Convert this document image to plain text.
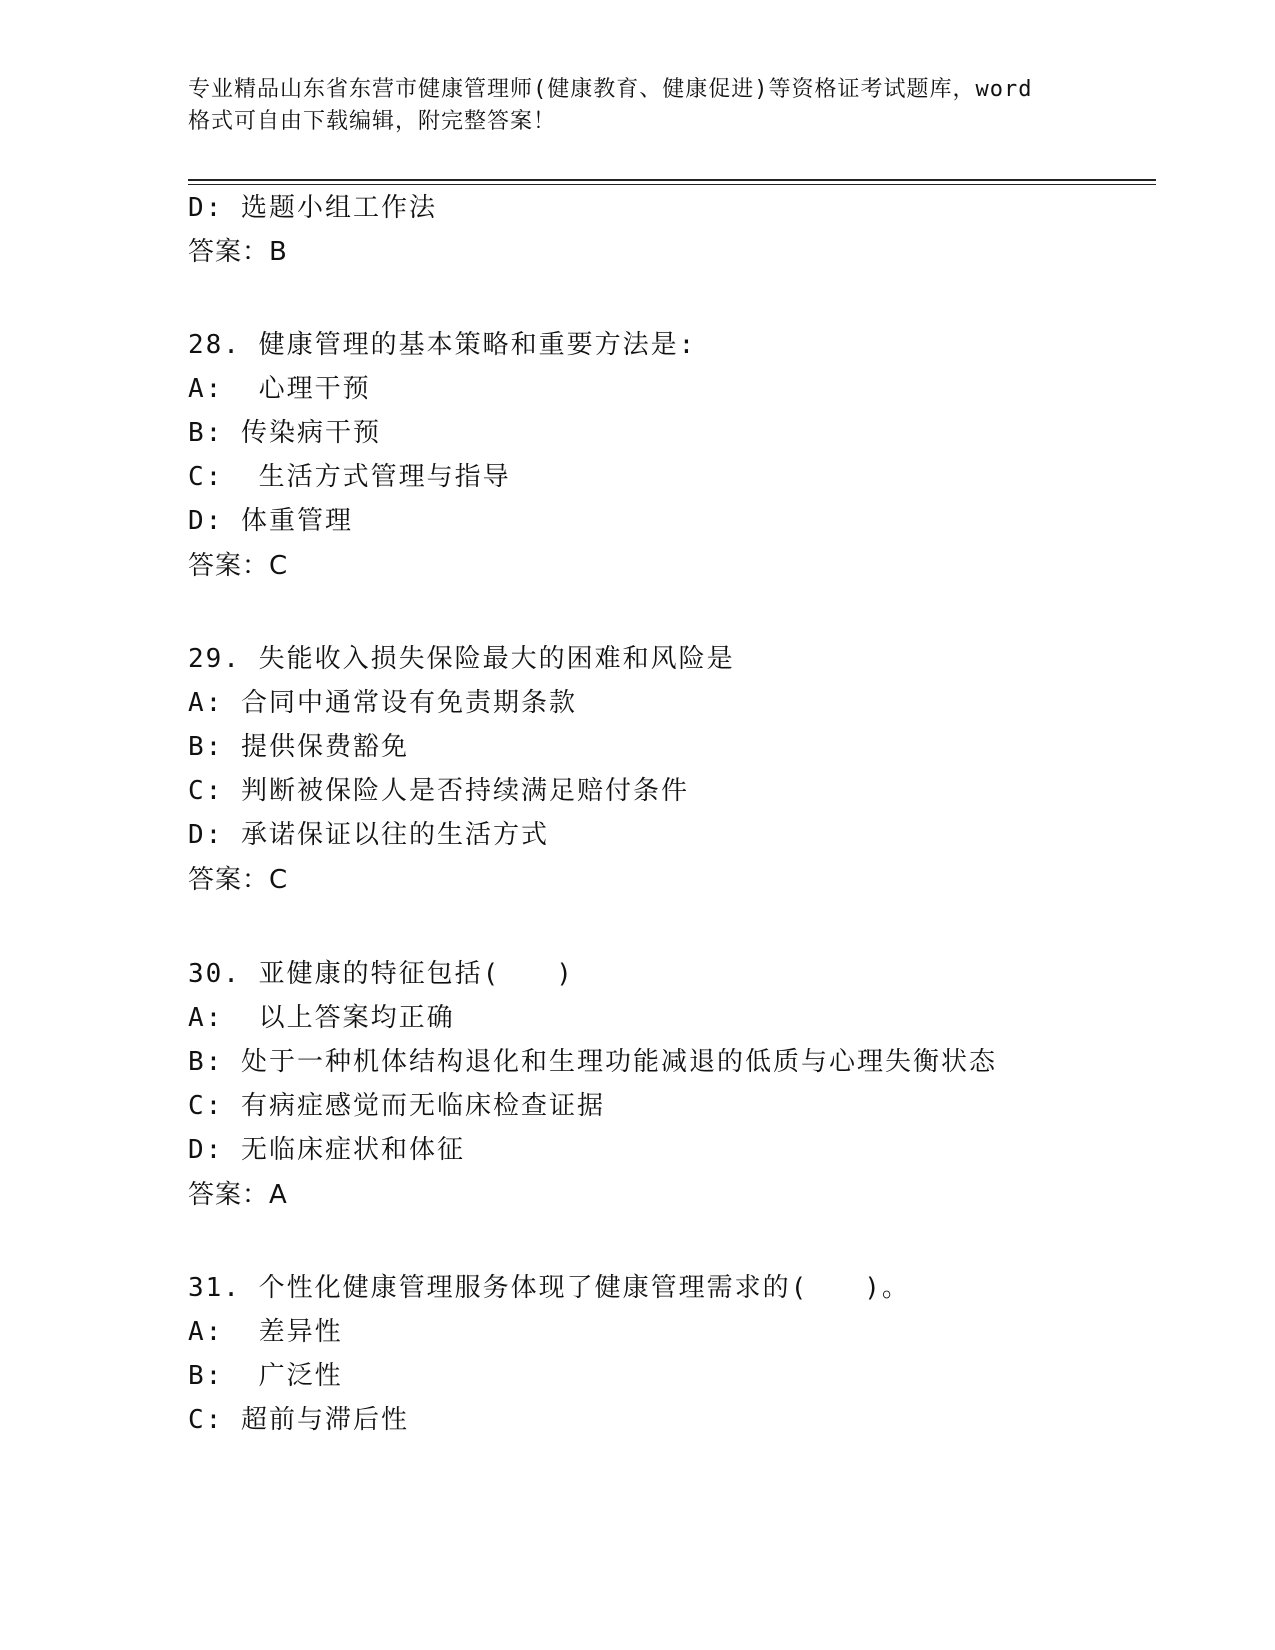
专业精品山东省东营市健康管理师(健康教育、健康促进)等资格证考试题库，word
格式可自由下载编辑，附完整答案！
D: 选题小组工作法
答案：B
28. 健康管理的基本策略和重要方法是:
A:  心理干预
B: 传染病干预
C:  生活方式管理与指导
D: 体重管理
答案：C
29. 失能收入损失保险最大的困难和风险是
A: 合同中通常设有免责期条款
B: 提供保费豁免
C: 判断被保险人是否持续满足赔付条件
D: 承诺保证以往的生活方式
答案：C
30. 亚健康的特征包括(　　)
A:  以上答案均正确
B: 处于一种机体结构退化和生理功能减退的低质与心理失衡状态
C: 有病症感觉而无临床检查证据
D: 无临床症状和体征
答案：A
31. 个性化健康管理服务体现了健康管理需求的(　　)。
A:  差异性
B:  广泛性
C: 超前与滞后性
